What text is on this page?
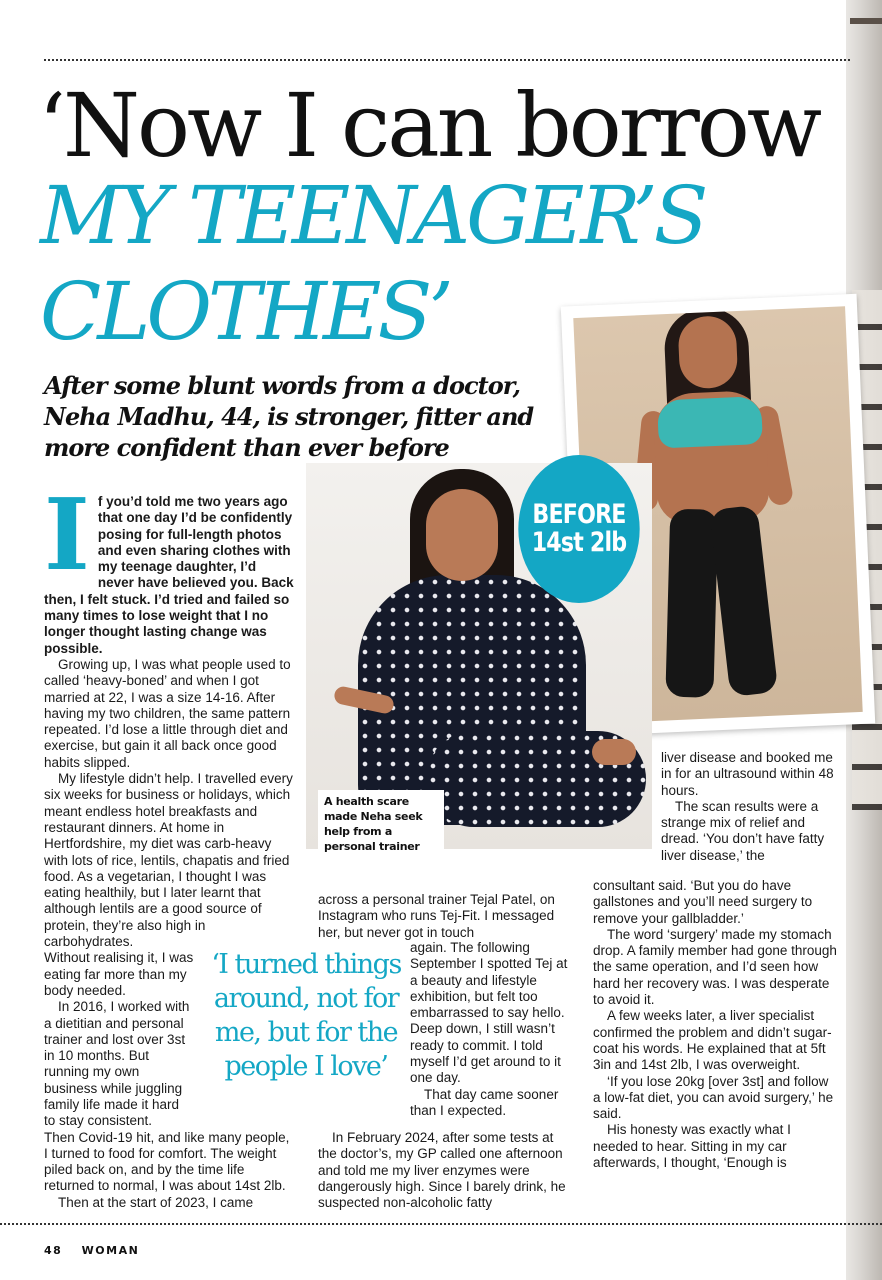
‘Now I can borrow
MY TEENAGER’S
CLOTHES’

After some blunt words from a doctor, Neha Madhu, 44, is stronger, fitter and more confident than ever before

A health scare made Neha seek help from a personal trainer
BEFORE
14st 2lb

If you’d told me two years ago that one day I’d be confidently posing for full-length photos and even sharing clothes with my teenage daughter, I’d never have believed you. Back then, I felt stuck. I’d tried and failed so many times to lose weight that I no longer thought lasting change was possible.

Growing up, I was what people used to called ‘heavy-boned’ and when I got married at 22, I was a size 14-16. After having my two children, the same pattern repeated. I’d lose a little through diet and exercise, but gain it all back once good habits slipped.

My lifestyle didn’t help. I travelled every six weeks for business or holidays, which meant endless hotel breakfasts and restaurant dinners. At home in Hertfordshire, my diet was carb-heavy with lots of rice, lentils, chapatis and fried food. As a vegetarian, I thought I was eating healthily, but I later learnt that although lentils are a good source of protein, they’re also high in carbohydrates.

Without realising it, I was eating far more than my body needed.

In 2016, I worked with a dietitian and personal trainer and lost over 3st in 10 months. But running my own business while juggling family life made it hard to stay consistent.

Then Covid-19 hit, and like many people, I turned to food for comfort. The weight piled back on, and by the time life returned to normal, I was about 14st 2lb.

Then at the start of 2023, I came

across a personal trainer Tejal Patel, on Instagram who runs Tej-Fit. I messaged her, but never got in touch

again. The following September I spotted Tej at a beauty and lifestyle exhibition, but felt too embarrassed to say hello. Deep down, I still wasn’t ready to commit. I told myself I’d get around to it one day.

That day came sooner than I expected.

In February 2024, after some tests at the doctor’s, my GP called one afternoon and told me my liver enzymes were dangerously high. Since I barely drink, he suspected non-alcoholic fatty

‘I turned things around, not for me, but for the people I love’

liver disease and booked me in for an ultrasound within 48 hours.

The scan results were a strange mix of relief and dread. ‘You don’t have fatty liver disease,’ the

consultant said. ‘But you do have gallstones and you’ll need surgery to remove your gallbladder.’

The word ‘surgery’ made my stomach drop. A family member had gone through the same operation, and I’d seen how hard her recovery was. I was desperate to avoid it.

A few weeks later, a liver specialist confirmed the problem and didn’t sugar-coat his words. He explained that at 5ft 3in and 14st 2lb, I was overweight.

‘If you lose 20kg [over 3st] and follow a low-fat diet, you can avoid surgery,’ he said.

His honesty was exactly what I needed to hear. Sitting in my car afterwards, I thought, ‘Enough is

48 WOMAN
